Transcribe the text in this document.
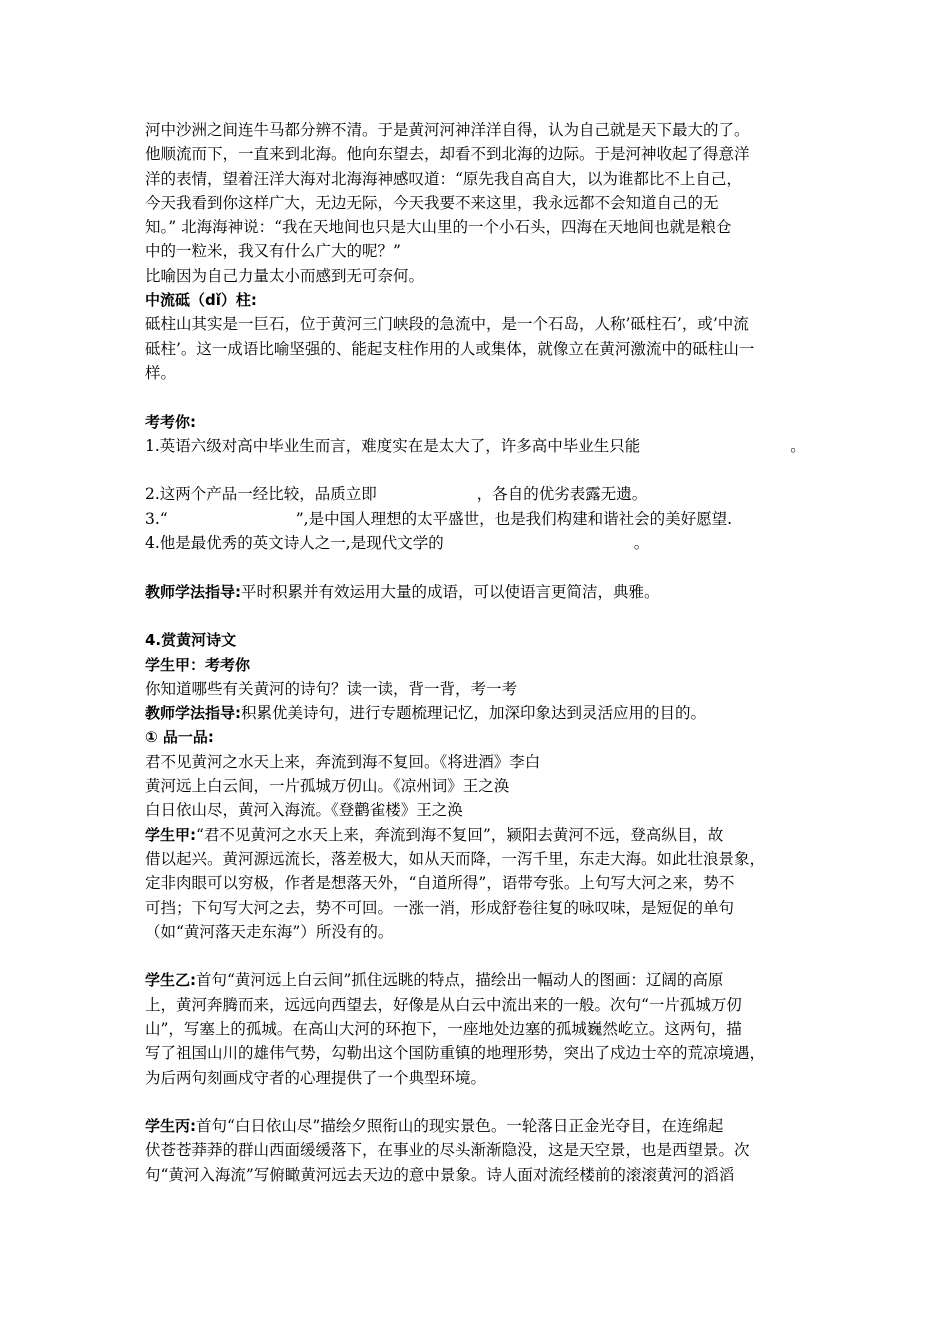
河中沙洲之间连牛马都分辨不清。于是黄河河神洋洋自得，认为自己就是天下最大的了。
他顺流而下，一直来到北海。他向东望去，却看不到北海的边际。于是河神收起了得意洋
洋的表情，望着汪洋大海对北海海神感叹道：“原先我自高自大，以为谁都比不上自己，
今天我看到你这样广大，无边无际，今天我要不来这里，我永远都不会知道自己的无
知。” 北海海神说：“我在天地间也只是大山里的一个小石头，四海在天地间也就是粮仓
中的一粒米，我又有什么广大的呢？”
比喻因为自己力量太小而感到无可奈何。
中流砥（dǐ）柱:
砥柱山其实是一巨石，位于黄河三门峡段的急流中，是一个石岛，人称’砥柱石’，或’中流
砥柱’。这一成语比喻坚强的、能起支柱作用的人或集体，就像立在黄河激流中的砥柱山一
样。
考考你:
1.英语六级对高中毕业生而言，难度实在是太大了，许多高中毕业生只能	。
2.这两个产品一经比较，品质立即	，各自的优劣表露无遗。
3.“	”,是中国人理想的太平盛世，也是我们构建和谐社会的美好愿望.
4.他是最优秀的英文诗人之一,是现代文学的	。
教师学法指导:平时积累并有效运用大量的成语，可以使语言更简洁，典雅。
4.赏黄河诗文
学生甲：考考你
你知道哪些有关黄河的诗句？读一读，背一背，考一考
教师学法指导:积累优美诗句，进行专题梳理记忆，加深印象达到灵活应用的目的。
① 品一品:
君不见黄河之水天上来，奔流到海不复回。《将进酒》李白
黄河远上白云间，一片孤城万仞山。《凉州词》王之涣
白日依山尽，黄河入海流。《登鹳雀楼》王之涣
学生甲:“君不见黄河之水天上来，奔流到海不复回”，颍阳去黄河不远，登高纵目，故
借以起兴。黄河源远流长，落差极大，如从天而降，一泻千里，东走大海。如此壮浪景象，
定非肉眼可以穷极，作者是想落天外，“自道所得”，语带夸张。上句写大河之来，势不
可挡；下句写大河之去，势不可回。一涨一消，形成舒卷往复的咏叹味，是短促的单句
（如“黄河落天走东海”）所没有的。
学生乙:首句“黄河远上白云间”抓住远眺的特点，描绘出一幅动人的图画：辽阔的高原
上，黄河奔腾而来，远远向西望去，好像是从白云中流出来的一般。次句“一片孤城万仞
山”，写塞上的孤城。在高山大河的环抱下，一座地处边塞的孤城巍然屹立。这两句，描
写了祖国山川的雄伟气势，勾勒出这个国防重镇的地理形势，突出了戍边士卒的荒凉境遇，
为后两句刻画戍守者的心理提供了一个典型环境。
学生丙:首句“白日依山尽”描绘夕照衔山的现实景色。一轮落日正金光夺目，在连绵起
伏苍苍莽莽的群山西面缓缓落下，在事业的尽头渐渐隐没，这是天空景，也是西望景。次
句“黄河入海流”写俯瞰黄河远去天边的意中景象。诗人面对流经楼前的滚滚黄河的滔滔
